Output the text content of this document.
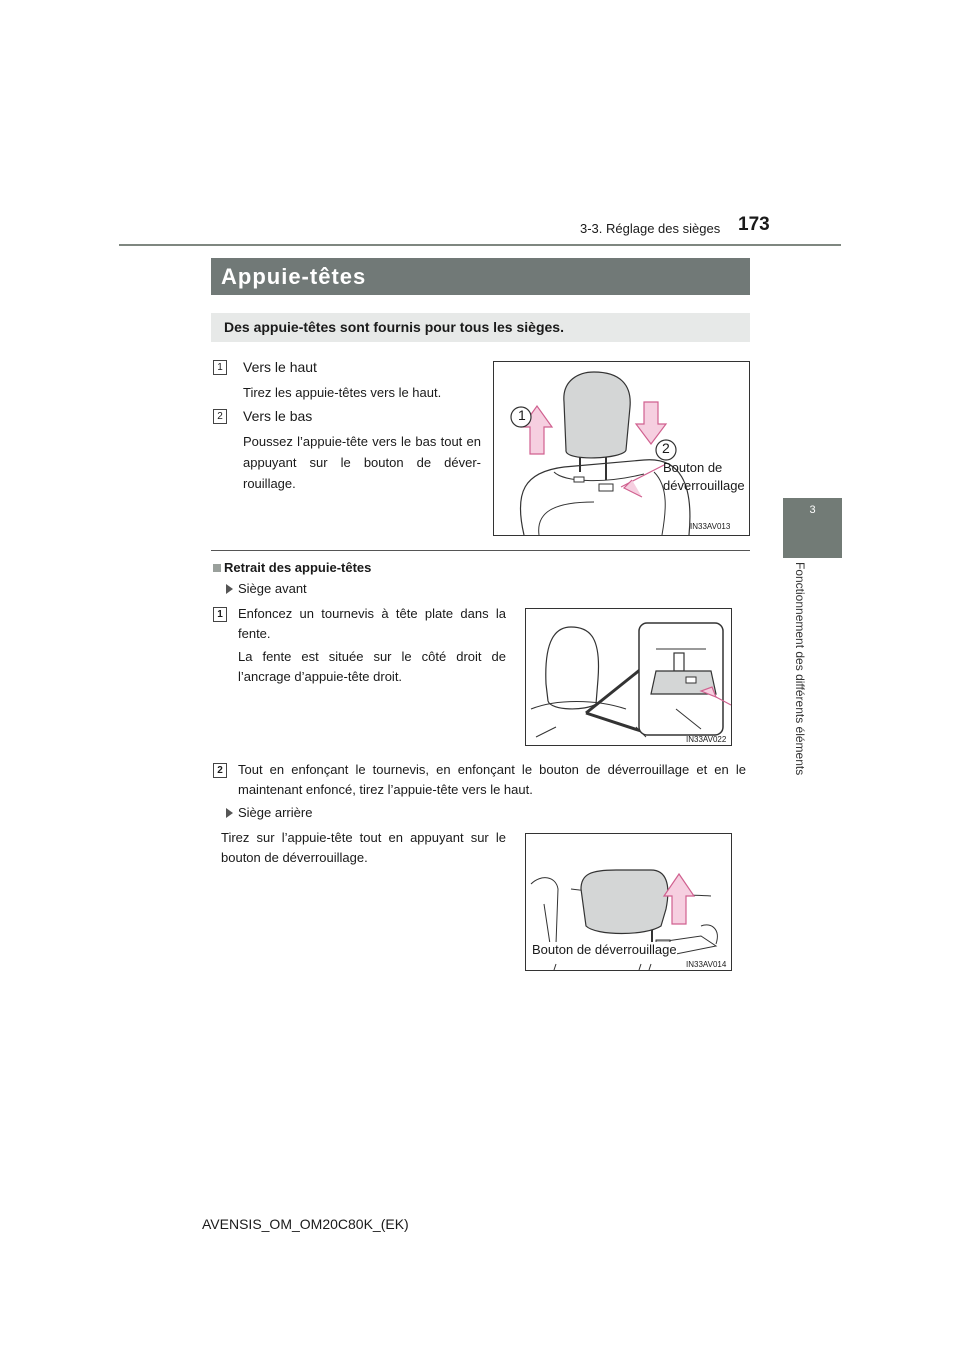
173
3-3. Réglage des sièges
3
Fonctionnement des différents éléments
Appuie-têtes
Des appuie-têtes sont fournis pour tous les sièges.
1	Vers le haut
Tirez les appuie-têtes vers le haut.
2	Vers le bas
Poussez l’appuie-tête vers le bas tout en appuyant sur le bouton de déver-rouillage.
1
2
Bouton de
déverrouillage
IN33AV013
Retrait des appuie-têtes
Siège avant
1	Enfoncez un tournevis à tête plate dans la fente.
La fente est située sur le côté droit de l’ancrage d’appuie-tête droit.
IN33AV022
2	Tout en enfonçant le tournevis, en enfonçant le bouton de déverrouillage et en le maintenant enfoncé, tirez l’appuie-tête vers le haut.
Siège arrière
Tirez sur l’appuie-tête tout en appuyant sur le bouton de déverrouillage.
Bouton de déverrouillage
IN33AV014
AVENSIS_OM_OM20C80K_(EK)
